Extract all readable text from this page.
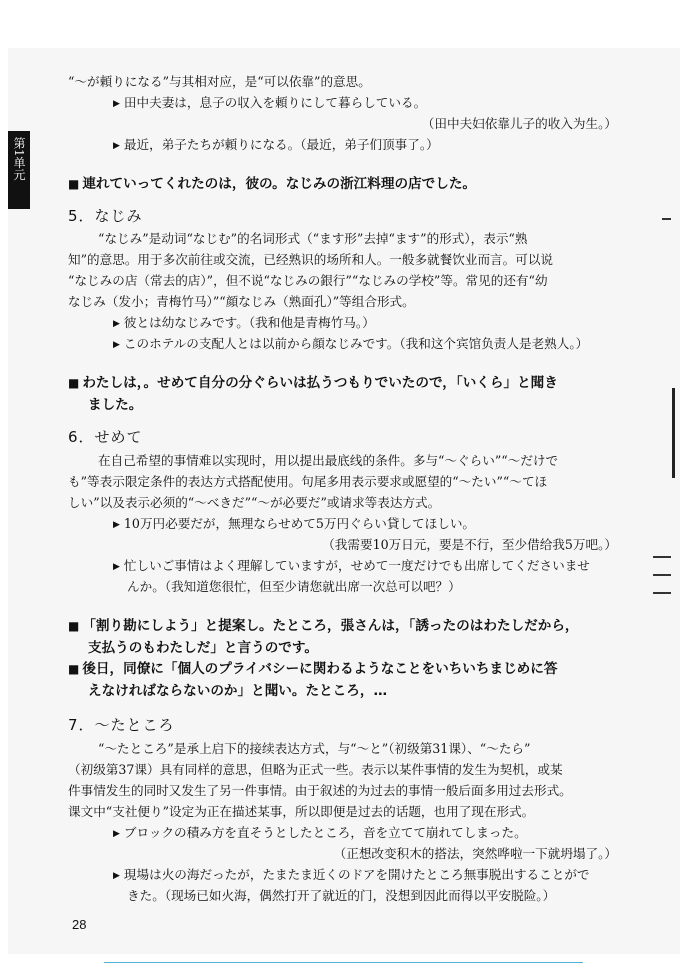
第1单元
“～が頼りになる”与其相对应，是“可以依靠”的意思。
▶ 田中夫妻は，息子の収入を頼りにして暮らしている。
（田中夫妇依靠儿子的收入为生。）
▶ 最近，弟子たちが頼りになる。（最近，弟子们顶事了。）
■ 連れていってくれたのは，彼の。なじみの浙江料理の店でした。
5．なじみ
“なじみ”是动词“なじむ”的名词形式（“ます形”去掉“ます”的形式），表示“熟
知”的意思。用于多次前往或交流，已经熟识的场所和人。一般多就餐饮业而言。可以说
“なじみの店（常去的店）”，但不说“なじみの銀行”“なじみの学校”等。常见的还有“幼
なじみ（发小；青梅竹马）”“顔なじみ（熟面孔）”等组合形式。
▶ 彼とは幼なじみです。（我和他是青梅竹马。）
▶ このホテルの支配人とは以前から顔なじみです。（我和这个宾馆负责人是老熟人。）
■ わたしは，。せめて自分の分ぐらいは払うつもりでいたので，「いくら」と聞き
ました。
6．せめて
在自己希望的事情难以实现时，用以提出最底线的条件。多与“～ぐらい”“～だけで
も”等表示限定条件的表达方式搭配使用。句尾多用表示要求或愿望的“～たい”“～てほ
しい”以及表示必须的“～べきだ”“～が必要だ”或请求等表达方式。
▶ 10万円必要だが，無理ならせめて5万円ぐらい貸してほしい。
（我需要10万日元，要是不行，至少借给我5万吧。）
▶ 忙しいご事情はよく理解していますが，せめて一度だけでも出席してくださいませ
んか。（我知道您很忙，但至少请您就出席一次总可以吧？）
■ 「割り勘にしよう」と提案し。たところ，張さんは，「誘ったのはわたしだから，
支払うのもわたしだ」と言うのです。
■ 後日，同僚に「個人のプライバシーに関わるようなことをいちいちまじめに答
えなければならないのか」と聞い。たところ，…
7．～たところ
“～たところ”是承上启下的接续表达方式，与“～と”（初级第31课）、“～たら”
（初级第37课）具有同样的意思，但略为正式一些。表示以某件事情的发生为契机，或某
件事情发生的同时又发生了另一件事情。由于叙述的为过去的事情一般后面多用过去形式。
课文中“支社便り”设定为正在描述某事，所以即便是过去的话题，也用了现在形式。
▶ ブロックの積み方を直そうとしたところ，音を立てて崩れてしまった。
（正想改变积木的搭法，突然哗啦一下就坍塌了。）
▶ 現場は火の海だったが，たまたま近くのドアを開けたところ無事脱出することがで
きた。（现场已如火海，偶然打开了就近的门，没想到因此而得以平安脱险。）
28
